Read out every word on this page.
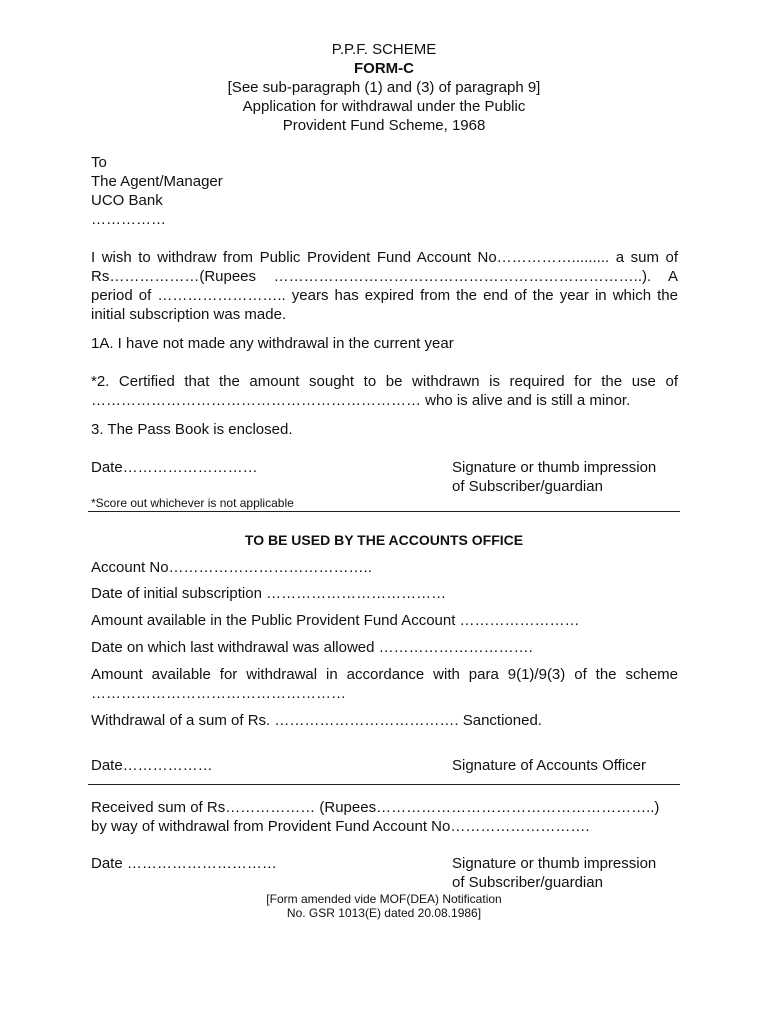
P.P.F. SCHEME
FORM-C
[See sub-paragraph (1) and (3) of paragraph 9]
Application for withdrawal under the Public
Provident Fund Scheme, 1968
To
The Agent/Manager
UCO Bank
……………
I wish to withdraw from Public Provident Fund Account No……………......... a sum of Rs………………(Rupees ………………………………………………………………..). A period of …………………….. years has expired from the end of the year in which the initial subscription was made.
1A. I have not made any withdrawal in the current year
*2. Certified that the amount sought to be withdrawn is required for the use of ………………………………………………………… who is alive and is still a minor.
3. The Pass Book is enclosed.
Date………………………	Signature or thumb impression
of Subscriber/guardian
*Score out whichever is not applicable
TO BE USED BY THE ACCOUNTS OFFICE
Account No…………………………………..
Date of initial subscription ………………………………
Amount available in the Public Provident Fund Account ……………………
Date on which last withdrawal was allowed ………………………….
Amount available for withdrawal in accordance with para 9(1)/9(3) of the scheme ……………………………………………
Withdrawal of a sum of Rs. ………………………………. Sanctioned.
Date………………	Signature of Accounts Officer
Received sum of Rs……………… (Rupees………………………………………………..)
by way of withdrawal from Provident Fund Account No……………………….
Date …………………………	Signature or thumb impression
of Subscriber/guardian
[Form amended vide MOF(DEA) Notification
No. GSR 1013(E) dated 20.08.1986]
